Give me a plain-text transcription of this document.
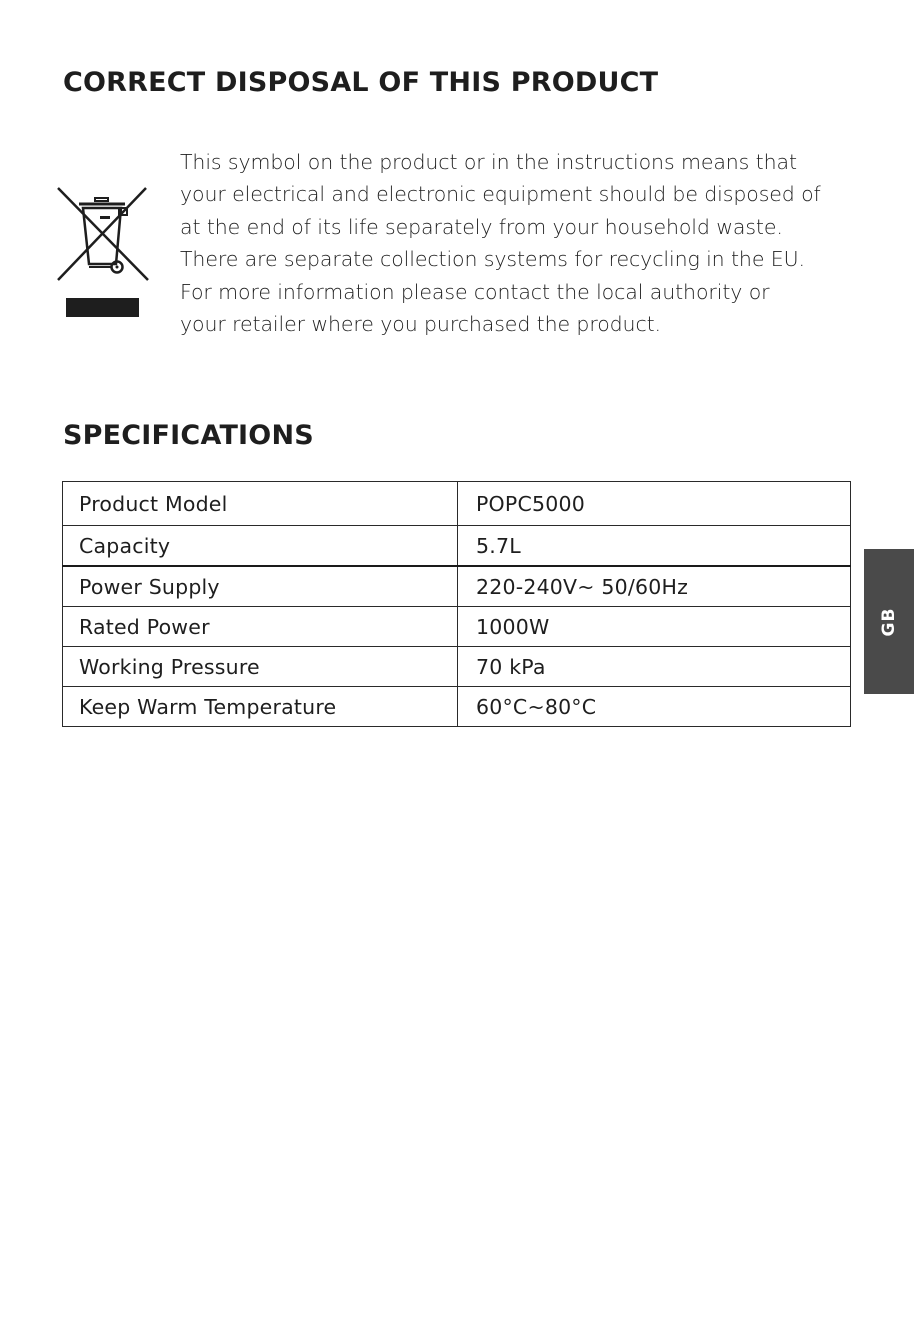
CORRECT DISPOSAL OF THIS PRODUCT

This symbol on the product or in the instructions means that
your electrical and electronic equipment should be disposed of
at the end of its life separately from your household waste.
There are separate collection systems for recycling in the EU.
For more information please contact the local authority or
your retailer where you purchased the product.

SPECIFICATIONS
Product Model	POPC5000
Capacity	5.7L
Power Supply	220-240V~ 50/60Hz
Rated Power	1000W
Working Pressure	70 kPa
Keep Warm Temperature	60°C~80°C
GB
